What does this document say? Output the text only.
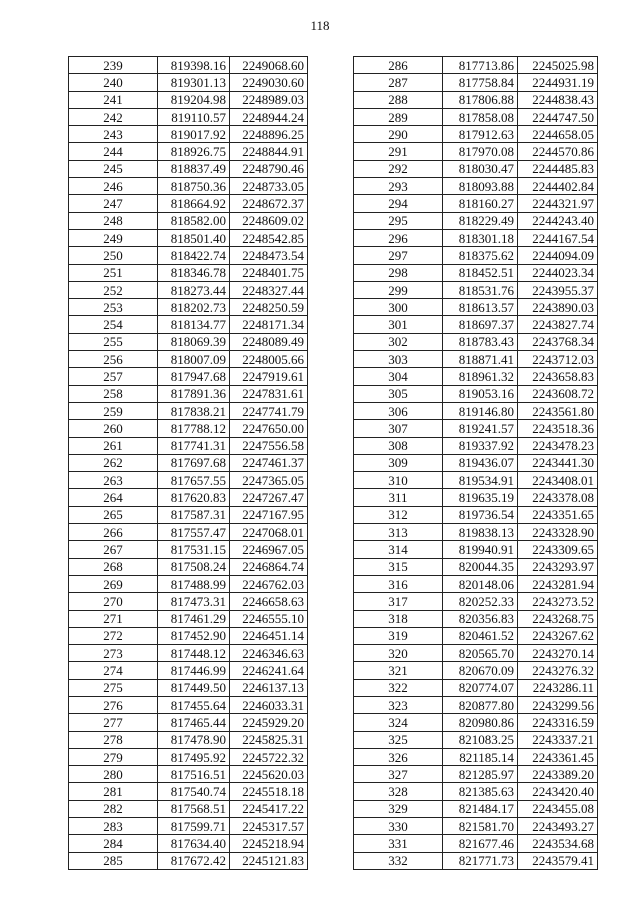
118
239	819398.16	2249068.60
240	819301.13	2249030.60
241	819204.98	2248989.03
242	819110.57	2248944.24
243	819017.92	2248896.25
244	818926.75	2248844.91
245	818837.49	2248790.46
246	818750.36	2248733.05
247	818664.92	2248672.37
248	818582.00	2248609.02
249	818501.40	2248542.85
250	818422.74	2248473.54
251	818346.78	2248401.75
252	818273.44	2248327.44
253	818202.73	2248250.59
254	818134.77	2248171.34
255	818069.39	2248089.49
256	818007.09	2248005.66
257	817947.68	2247919.61
258	817891.36	2247831.61
259	817838.21	2247741.79
260	817788.12	2247650.00
261	817741.31	2247556.58
262	817697.68	2247461.37
263	817657.55	2247365.05
264	817620.83	2247267.47
265	817587.31	2247167.95
266	817557.47	2247068.01
267	817531.15	2246967.05
268	817508.24	2246864.74
269	817488.99	2246762.03
270	817473.31	2246658.63
271	817461.29	2246555.10
272	817452.90	2246451.14
273	817448.12	2246346.63
274	817446.99	2246241.64
275	817449.50	2246137.13
276	817455.64	2246033.31
277	817465.44	2245929.20
278	817478.90	2245825.31
279	817495.92	2245722.32
280	817516.51	2245620.03
281	817540.74	2245518.18
282	817568.51	2245417.22
283	817599.71	2245317.57
284	817634.40	2245218.94
285	817672.42	2245121.83
286	817713.86	2245025.98
287	817758.84	2244931.19
288	817806.88	2244838.43
289	817858.08	2244747.50
290	817912.63	2244658.05
291	817970.08	2244570.86
292	818030.47	2244485.83
293	818093.88	2244402.84
294	818160.27	2244321.97
295	818229.49	2244243.40
296	818301.18	2244167.54
297	818375.62	2244094.09
298	818452.51	2244023.34
299	818531.76	2243955.37
300	818613.57	2243890.03
301	818697.37	2243827.74
302	818783.43	2243768.34
303	818871.41	2243712.03
304	818961.32	2243658.83
305	819053.16	2243608.72
306	819146.80	2243561.80
307	819241.57	2243518.36
308	819337.92	2243478.23
309	819436.07	2243441.30
310	819534.91	2243408.01
311	819635.19	2243378.08
312	819736.54	2243351.65
313	819838.13	2243328.90
314	819940.91	2243309.65
315	820044.35	2243293.97
316	820148.06	2243281.94
317	820252.33	2243273.52
318	820356.83	2243268.75
319	820461.52	2243267.62
320	820565.70	2243270.14
321	820670.09	2243276.32
322	820774.07	2243286.11
323	820877.80	2243299.56
324	820980.86	2243316.59
325	821083.25	2243337.21
326	821185.14	2243361.45
327	821285.97	2243389.20
328	821385.63	2243420.40
329	821484.17	2243455.08
330	821581.70	2243493.27
331	821677.46	2243534.68
332	821771.73	2243579.41
